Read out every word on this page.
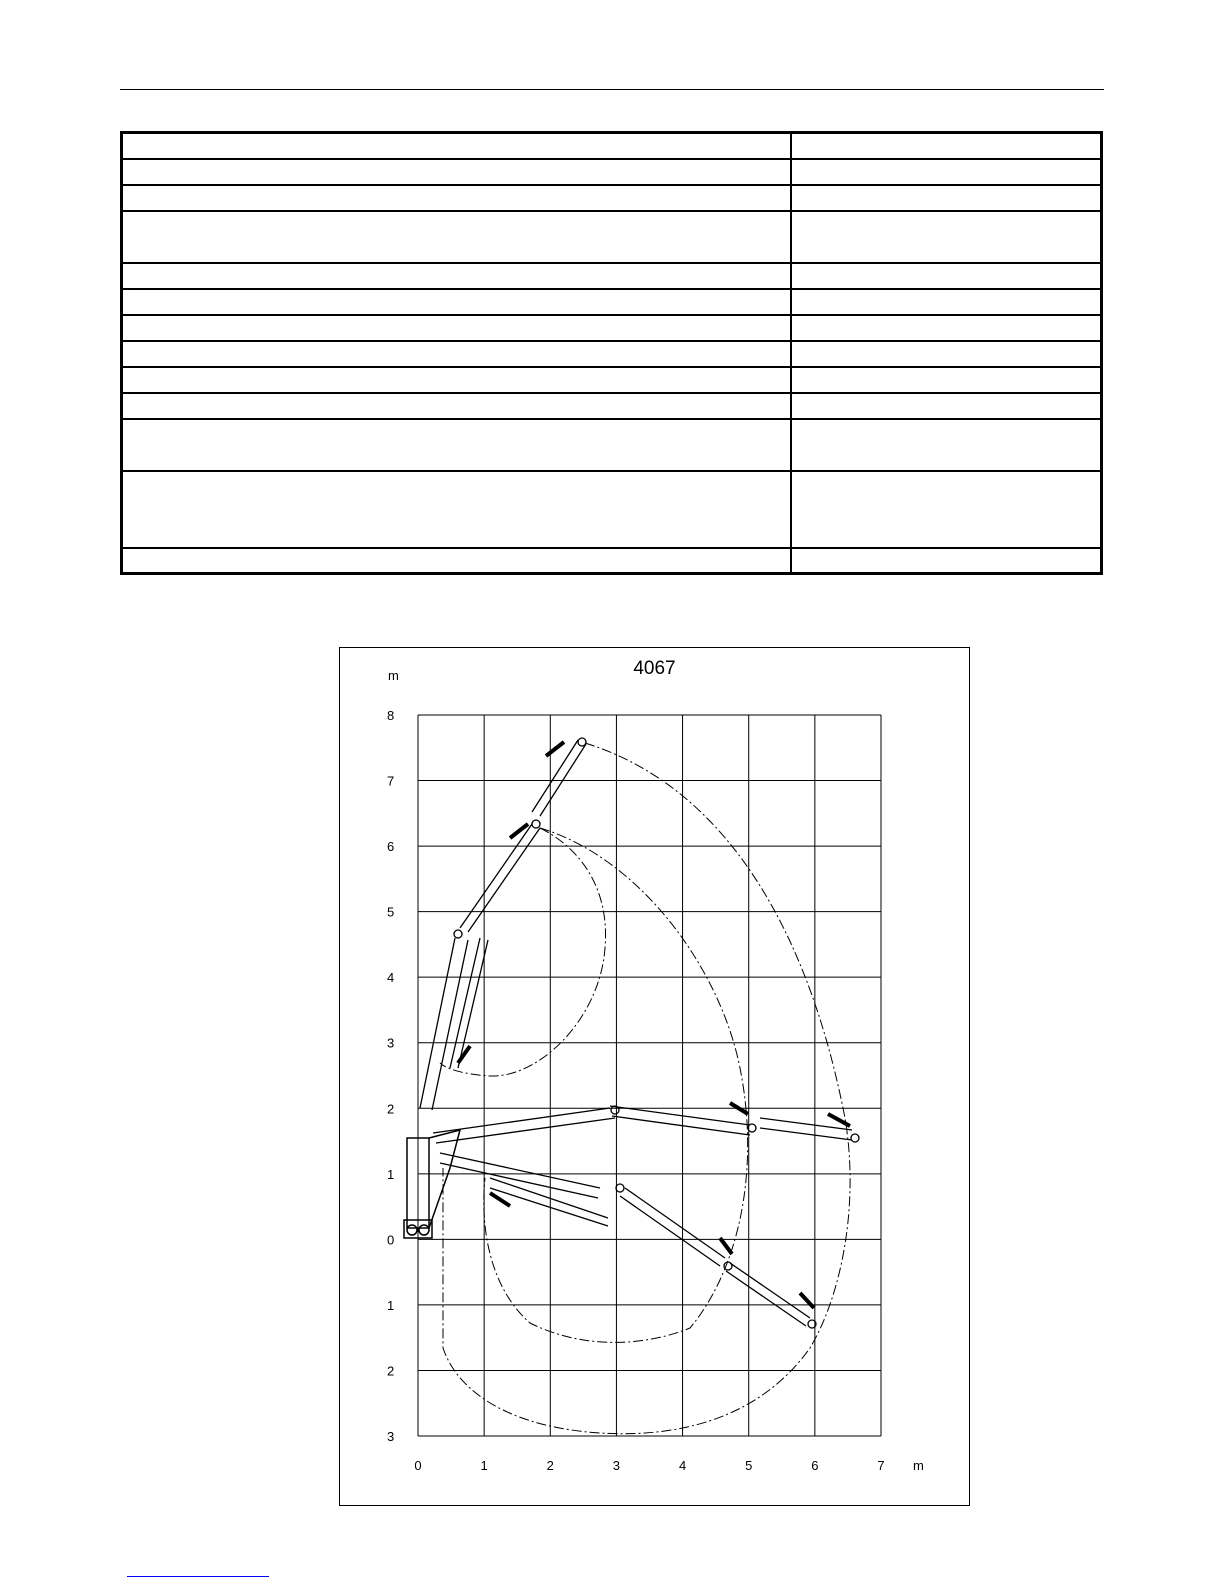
4067
8
7
6
5
4
3
2
1
0
1
2
3
0	1	2	3	4	5	6	7
m
m
